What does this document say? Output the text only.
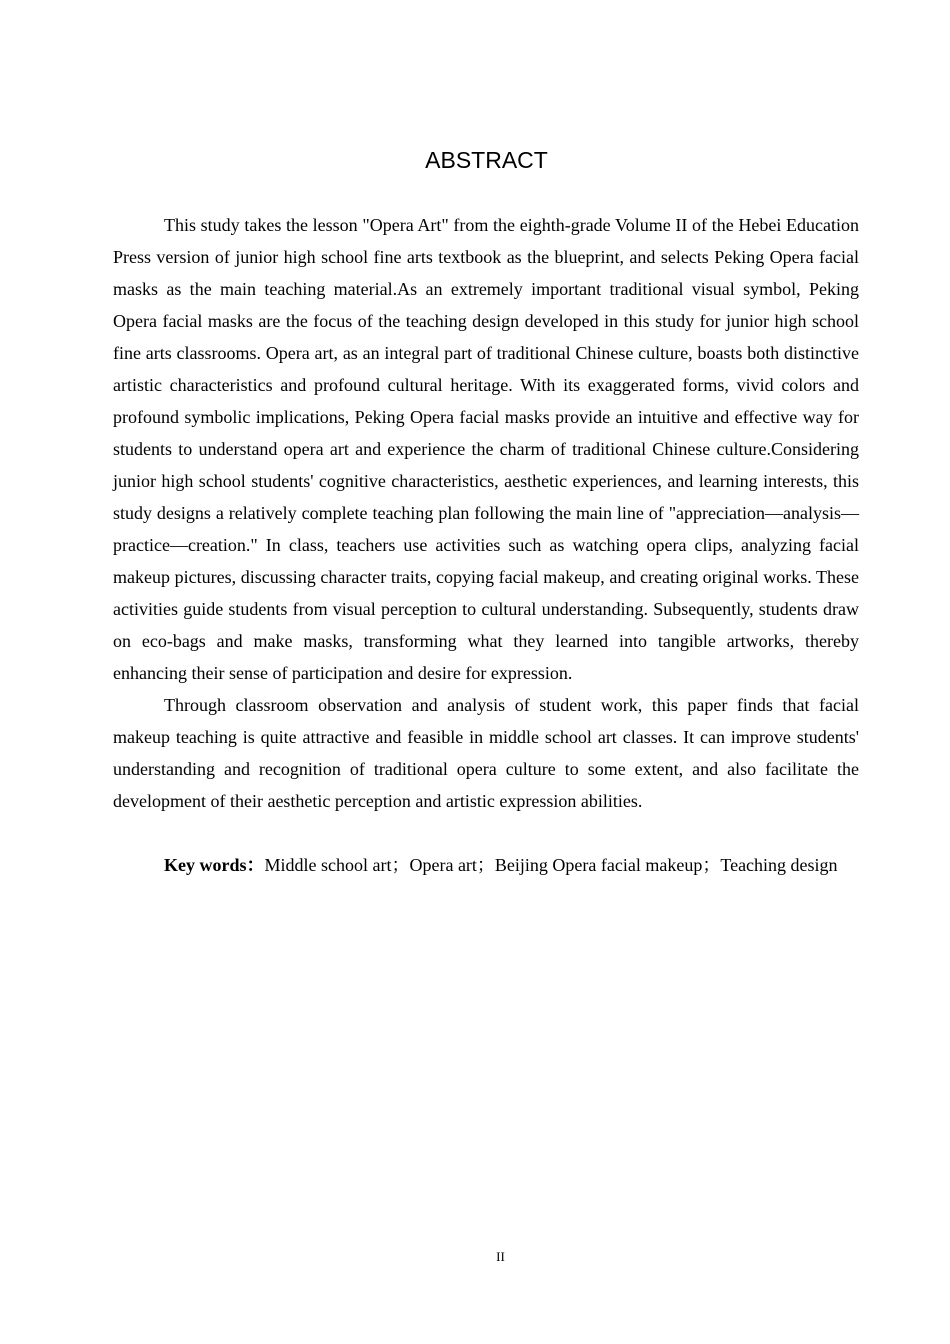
ABSTRACT

This study takes the lesson "Opera Art" from the eighth-grade Volume II of the Hebei Education Press version of junior high school fine arts textbook as the blueprint, and selects Peking Opera facial masks as the main teaching material.As an extremely important traditional visual symbol, Peking Opera facial masks are the focus of the teaching design developed in this study for junior high school fine arts classrooms. Opera art, as an integral part of traditional Chinese culture, boasts both distinctive artistic characteristics and profound cultural heritage. With its exaggerated forms, vivid colors and profound symbolic implications, Peking Opera facial masks provide an intuitive and effective way for students to understand opera art and experience the charm of traditional Chinese culture.Considering junior high school students' cognitive characteristics, aesthetic experiences, and learning interests, this study designs a relatively complete teaching plan following the main line of "appreciation—analysis—practice—creation." In class, teachers use activities such as watching opera clips, analyzing facial makeup pictures, discussing character traits, copying facial makeup, and creating original works. These activities guide students from visual perception to cultural understanding. Subsequently, students draw on eco-bags and make masks, transforming what they learned into tangible artworks, thereby enhancing their sense of participation and desire for expression.

Through classroom observation and analysis of student work, this paper finds that facial makeup teaching is quite attractive and feasible in middle school art classes. It can improve students' understanding and recognition of traditional opera culture to some extent, and also facilitate the development of their aesthetic perception and artistic expression abilities.

Key words：Middle school art；Opera art；Beijing Opera facial makeup；Teaching design

II
